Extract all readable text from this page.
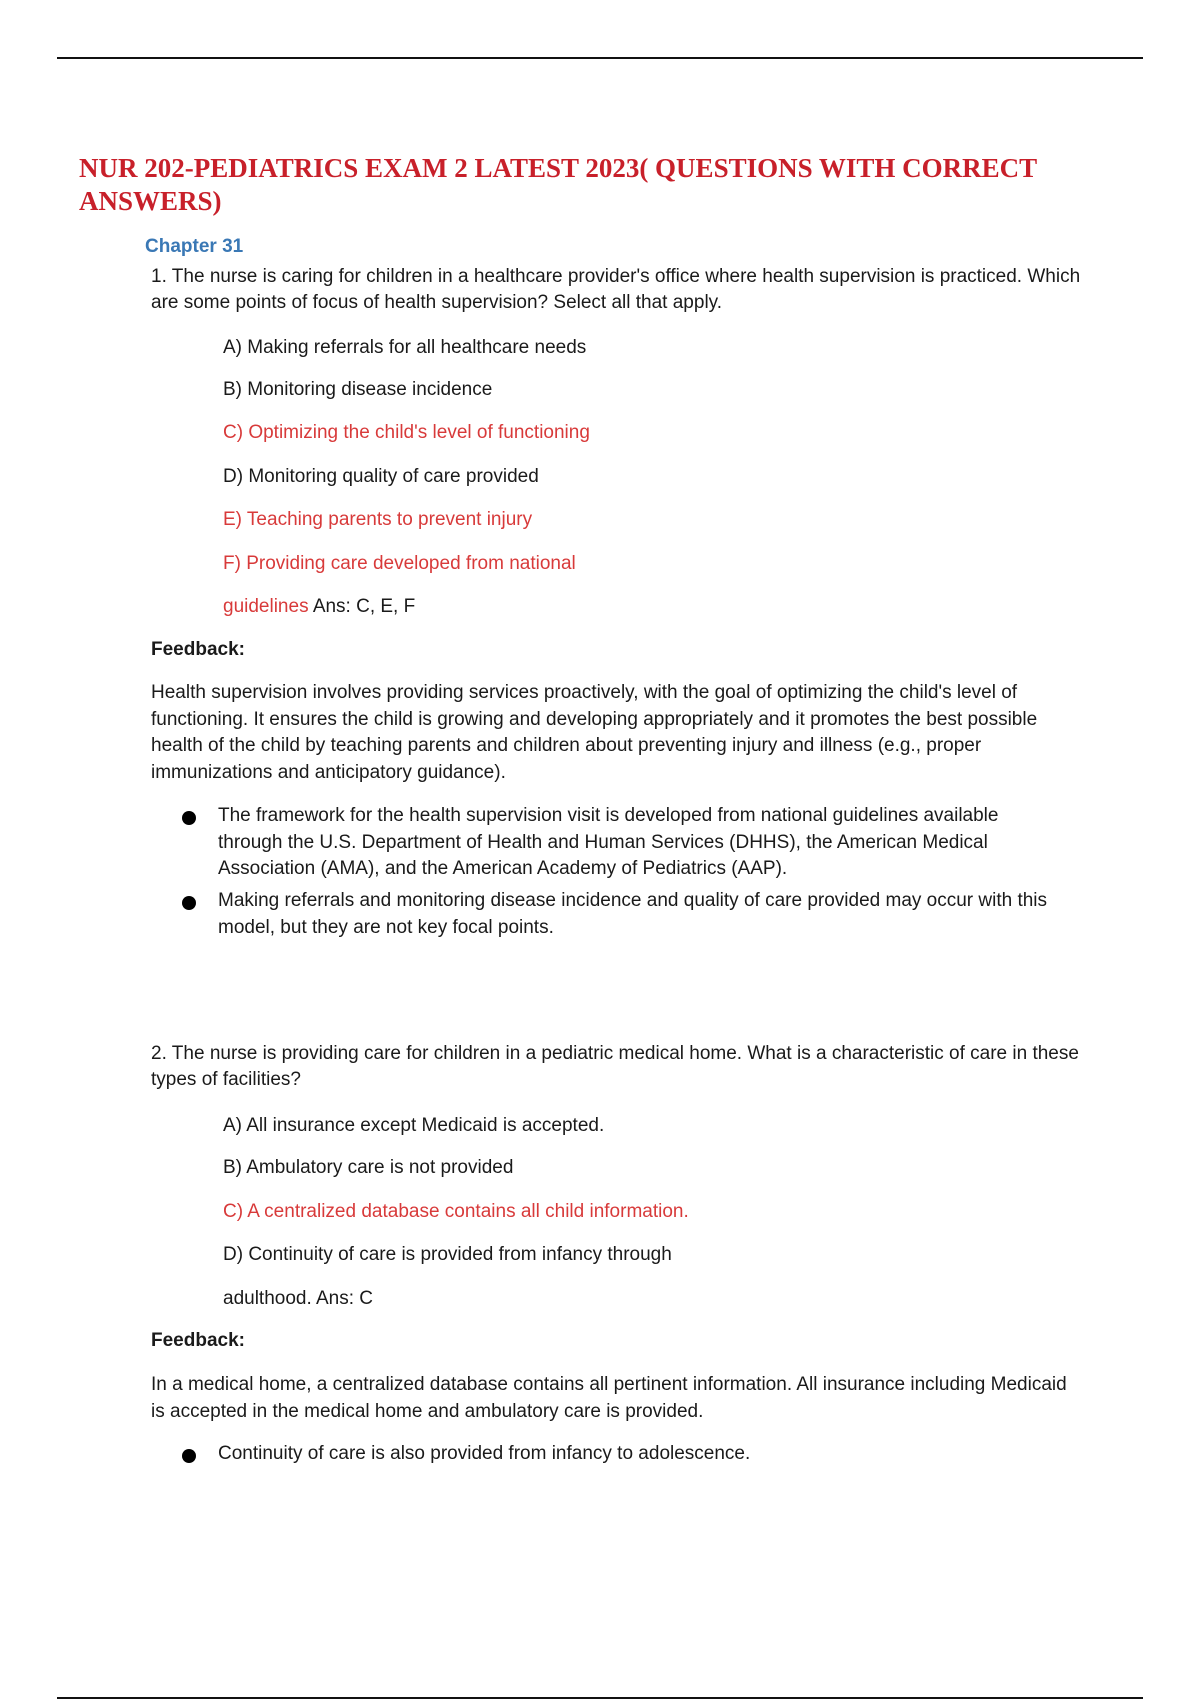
NUR 202-PEDIATRICS EXAM 2 LATEST 2023( QUESTIONS WITH CORRECT ANSWERS)
Chapter 31

1. The nurse is caring for children in a healthcare provider's office where health supervision is practiced. Which are some points of focus of health supervision? Select all that apply.

A) Making referrals for all healthcare needs

B) Monitoring disease incidence

C) Optimizing the child's level of functioning

D) Monitoring quality of care provided

E) Teaching parents to prevent injury

F) Providing care developed from national

guidelines Ans: C, E, F

Feedback:

Health supervision involves providing services proactively, with the goal of optimizing the child's level of functioning. It ensures the child is growing and developing appropriately and it promotes the best possible health of the child by teaching parents and children about preventing injury and illness (e.g., proper immunizations and anticipatory guidance).

The framework for the health supervision visit is developed from national guidelines available through the U.S. Department of Health and Human Services (DHHS), the American Medical Association (AMA), and the American Academy of Pediatrics (AAP).
Making referrals and monitoring disease incidence and quality of care provided may occur with this model, but they are not key focal points.

2. The nurse is providing care for children in a pediatric medical home. What is a characteristic of care in these types of facilities?

A) All insurance except Medicaid is accepted.

B) Ambulatory care is not provided

C) A centralized database contains all child information.

D) Continuity of care is provided from infancy through

adulthood. Ans: C

Feedback:

In a medical home, a centralized database contains all pertinent information. All insurance including Medicaid is accepted in the medical home and ambulatory care is provided.

Continuity of care is also provided from infancy to adolescence.
